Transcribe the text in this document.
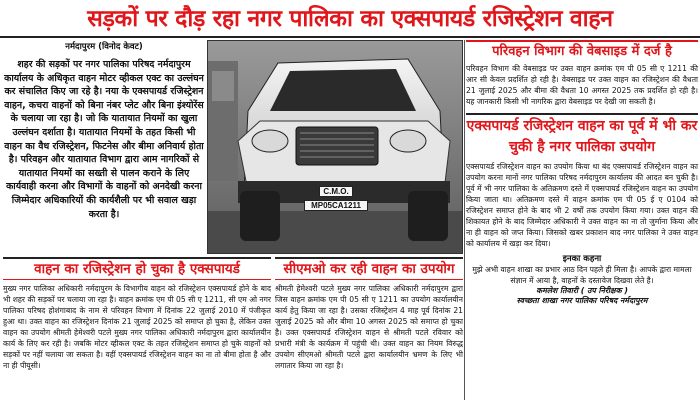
सड़कों पर दौड़ रहा नगर पालिका का एक्सपायर्ड रजिस्ट्रेशन वाहन
नर्मदापुरम (विनोद केवट)
शहर की सड़कों पर नगर पालिका परिषद नर्मदापुरम कार्यालय के अधिकृत वाहन मोटर व्हीकल एक्ट का उल्लंघन कर संचालित किए जा रहे है। नया के एक्सपायर्ड रजिस्ट्रेशन वाहन, कचरा वाहनों को बिना नंबर प्लेट और बिना इंश्योरेंस के चलाया जा रहा है। जो कि यातायात नियमों का खुला उल्लंघन दर्शाता है। यातायात नियमों के तहत किसी भी वाहन का वैध रजिस्ट्रेशन, फिटनेस और बीमा अनिवार्य होता है। परिवहन और यातायात विभाग द्वारा आम नागरिकों से यातायात नियमों का सख्ती से पालन कराने के लिए कार्यवाही करना और विभागों के वाहनों को अनदेखी करना जिम्मेदार अधिकारियों की कार्यशैली पर भी सवाल खड़ा करता है।
C.M.O.
MP05CA1211
परिवहन विभाग की वेबसाइड में दर्ज है
परिवहन विभाग की वेबसाइड पर उक्त वाहन क्रमांक एम पी 05 सी ए 1211 की आर सी केवल प्रदर्शित हो रही है। वेबसाइड पर उक्त वाहन का रजिस्ट्रेशन की वैधता 21 जुलाई 2025 और बीमा की वैधता 10 अगस्त 2025 तक प्रदर्शित हो रही है। यह जानकारी किसी भी नागरिक द्वारा वेबसाइड पर देखी जा सकती है।
एक्सपायर्ड रजिस्ट्रेशन वाहन का पूर्व में भी कर चुकी है नगर पालिका उपयोग
एक्सपायर्ड रजिस्ट्रेशन वाहन का उपयोग किया था बंद एक्सपायर्ड रजिस्ट्रेशन वाहन का उपयोग करना मानों नगर पालिका परिषद नर्मदापुरम कार्यालय की आदत बन चुकी है। पूर्व में भी नगर पालिका के अतिक्रमण दस्ते में एक्सपायर्ड रजिस्ट्रेशन वाहन का उपयोग किया जाता था। अतिक्रमण दस्ते में वाहन क्रमांक एम पी 05 ई ए 0104 को रजिस्ट्रेशन समाप्त होने के बाद भी 2 वर्षों तक उपयोग किया गया। उक्त वाहन की शिकायत होने के बाद जिम्मेदार अधिकारी ने उक्त वाहन का ना तो जुर्माना किया और ना ही वाहन को जप्त किया। जिसको खबर प्रकाशन बाद नगर पालिका ने उक्त वाहन को कार्यालय में खड़ा कर दिया।
इनका कहना
मुझे अभी वाहन शाखा का प्रभार आठ दिन पहले ही मिला है। आपके द्वारा मामला संज्ञान में आया है, वाहनों के दस्तावेज दिखवा लेते है।
कमलेश तिवारी ( उप निरीक्षक )
स्वच्छता शाखा नगर पालिका परिषद नर्मदापुरम
वाहन का रजिस्ट्रेशन हो चुका है एक्सपायर्ड
मुख्य नगर पालिका अधिकारी नर्मदापुरम के विभागीय वाहन को रजिस्ट्रेशन एक्सपायर्ड होने के बाद भी शहर की सड़कों पर चलाया जा रहा है। वाहन क्रमांक एम पी 05 सी ए 1211, सी एम ओ नगर पालिका परिषद होशंगाबाद के नाम से परिवहन विभाग में दिनांक 22 जुलाई 2010 में पंजीकृत हुआ था। उक्त वाहन का रजिस्ट्रेशन दिनांक 21 जुलाई 2025 को समाप्त हो चुका है, लेकिन उक्त वाहन का उपयोग श्रीमती हेमेश्वरी पटले मुख्य नगर पालिका अधिकारी नर्मदापुरम द्वारा कार्यालयीन कार्य के लिए कर रही है। जबकि मोटर व्हीकल एक्ट के तहत रजिस्ट्रेशन समाप्त हो चुके वाहनों को सड़कों पर नहीं चलाया जा सकता है। वहीं एक्सपायर्ड रजिस्ट्रेशन वाहन का ना तो बीमा होता है और ना ही पीयूसी।
सीएमओ कर रही वाहन का उपयोग
श्रीमती हेमेश्वरी पटले मुख्य नगर पालिका अधिकारी नर्मदापुरम द्वारा जिस वाहन क्रमांक एम पी 05 सी ए 1211 का उपयोग कार्यालयीन कार्य हेतु किया जा रहा है। उसका रजिस्ट्रेशन 4 माह पूर्व दिनांक 21 जुलाई 2025 को और बीमा 10 अगस्त 2025 को समाप्त हो चुका है। उक्त एक्सपायर्ड रजिस्ट्रेशन वाहन से श्रीमती पटले रविवार को प्रभारी मंत्री के कार्यक्रम में पहुंची थी। उक्त वाहन का नियम विरुद्ध उपयोग सीएमओ श्रीमती पटले द्वारा कार्यालयीन भ्रमण के लिए भी लगातार किया जा रहा है।
